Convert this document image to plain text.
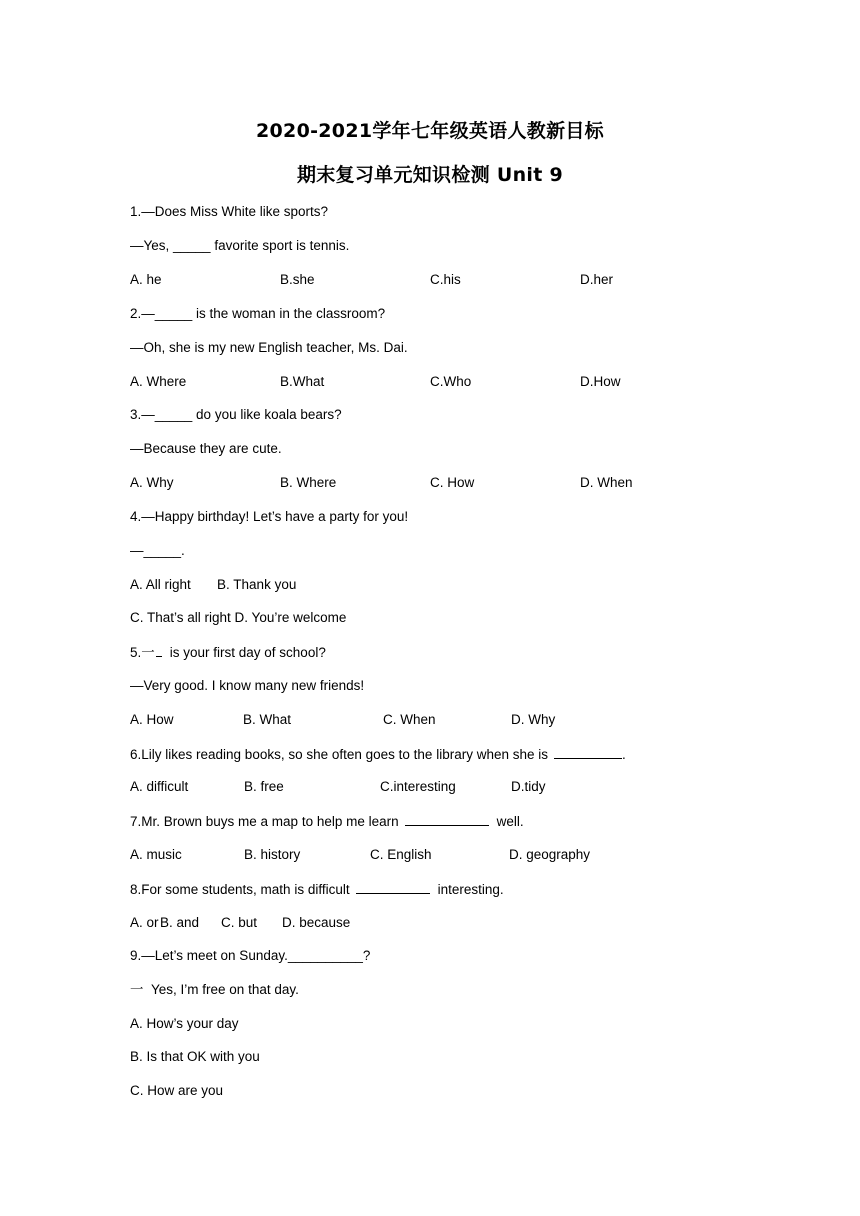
2020-2021学年七年级英语人教新目标
期末复习单元知识检测 Unit 9
1.—Does Miss White like sports?
—Yes, _____ favorite sport is tennis.
A. he	B.she	C.his	D.her
2.—_____ is the woman in the classroom?
—Oh, she is my new English teacher, Ms. Dai.
A. Where	B.What	C.Who	D.How
3.—_____ do you like koala bears?
—Because they are cute.
A. Why	B. Where	C. How	D. When
4.—Happy birthday! Let’s have a party for you!
—_____.
A. All right       B. Thank you
C. That’s all right D. You’re welcome
5.一 is your first day of school?
—Very good. I know many new friends!
A. How	B. What	C. When	D. Why
6.Lily likes reading books, so she often goes to the library when she is	.
A. difficult	B. free	C.interesting	D.tidy
7.Mr. Brown buys me a map to help me learn	well.
A. music	B. history	C. English	D. geography
8.For some students, math is difficult	interesting.
A. or B. and C. but D. because
9.—Let’s meet on Sunday.__________?
一 Yes, I’m free on that day.
A. How’s your day
B. Is that OK with you
C. How are you
